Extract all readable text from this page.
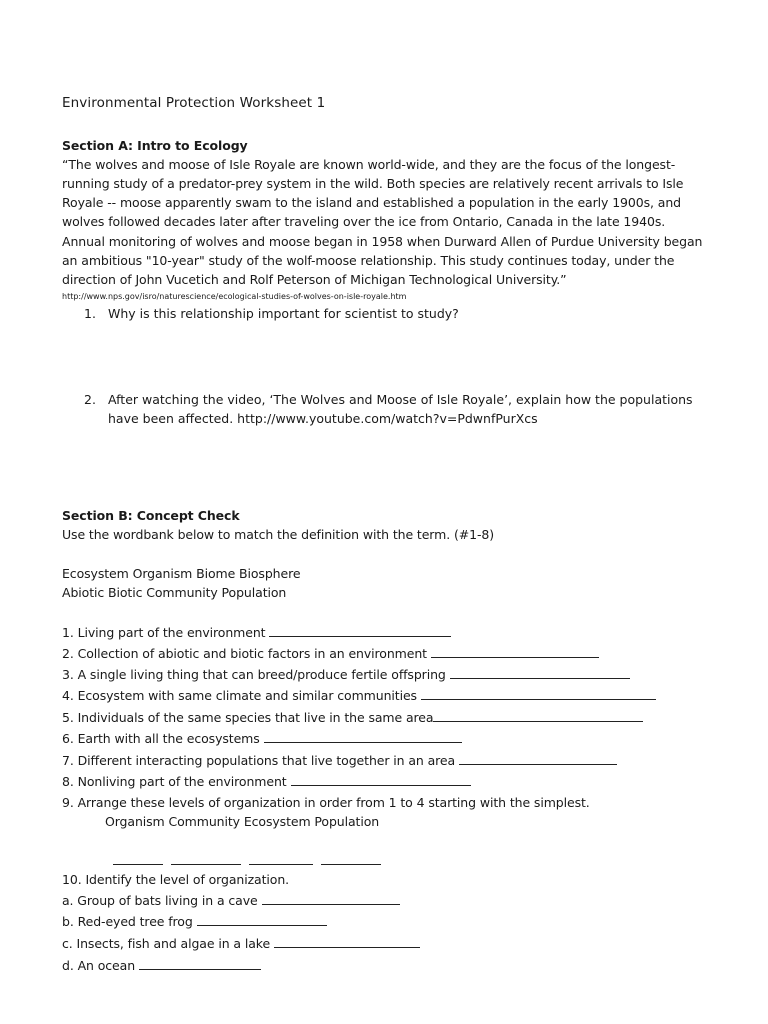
Environmental Protection Worksheet 1
Section A: Intro to Ecology
“The wolves and moose of Isle Royale are known world-wide, and they are the focus of the longest-
running study of a predator-prey system in the wild. Both species are relatively recent arrivals to Isle
Royale -- moose apparently swam to the island and established a population in the early 1900s, and
wolves followed decades later after traveling over the ice from Ontario, Canada in the late 1940s.
Annual monitoring of wolves and moose began in 1958 when Durward Allen of Purdue University began
an ambitious "10-year" study of the wolf-moose relationship. This study continues today, under the
direction of John Vucetich and Rolf Peterson of Michigan Technological University.”
http://www.nps.gov/isro/naturescience/ecological-studies-of-wolves-on-isle-royale.htm
1. Why is this relationship important for scientist to study?
2. After watching the video, ‘The Wolves and Moose of Isle Royale’, explain how the populations
have been affected. http://www.youtube.com/watch?v=PdwnfPurXcs
Section B: Concept Check
Use the wordbank below to match the definition with the term. (#1-8)
Ecosystem Organism Biome Biosphere
Abiotic Biotic Community Population
1. Living part of the environment
2. Collection of abiotic and biotic factors in an environment
3. A single living thing that can breed/produce fertile offspring
4. Ecosystem with same climate and similar communities
5. Individuals of the same species that live in the same area
6. Earth with all the ecosystems
7. Different interacting populations that live together in an area
8. Nonliving part of the environment
9. Arrange these levels of organization in order from 1 to 4 starting with the simplest.
Organism Community Ecosystem Population

10. Identify the level of organization.
a. Group of bats living in a cave
b. Red-eyed tree frog
c. Insects, fish and algae in a lake
d. An ocean
